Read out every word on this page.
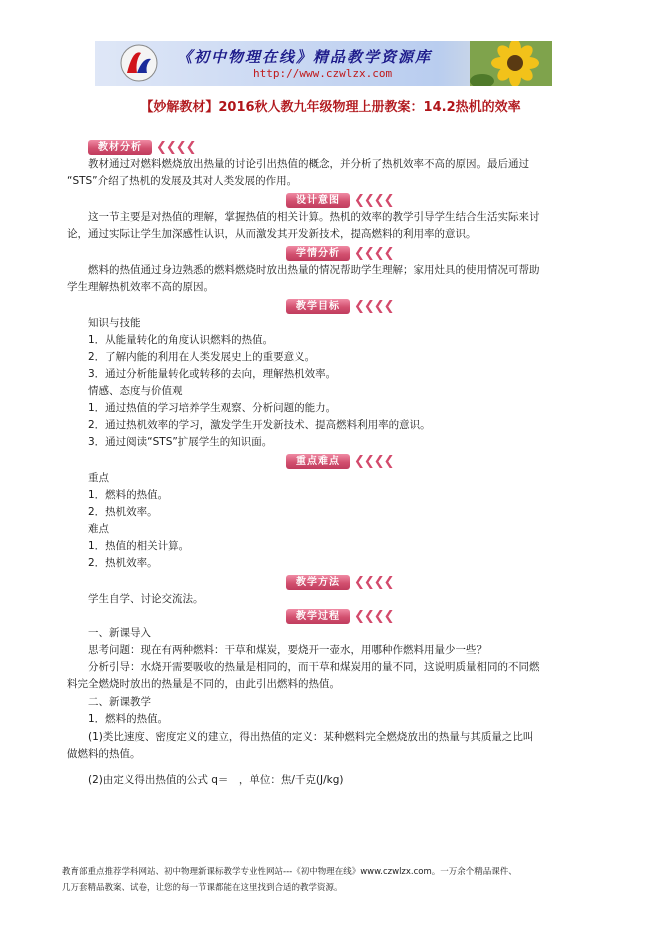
《初中物理在线》精品教学资源库
http://www.czwlzx.com
【妙解教材】2016秋人教九年级物理上册教案：14.2热机的效率
教材分析	❮❮❮❮
教材通过对燃料燃烧放出热量的讨论引出热值的概念，并分析了热机效率不高的原因。最后通过
“STS”介绍了热机的发展及其对人类发展的作用。
设计意图	❮❮❮❮
这一节主要是对热值的理解，掌握热值的相关计算。热机的效率的教学引导学生结合生活实际来讨
论，通过实际让学生加深感性认识，从而激发其开发新技术，提高燃料的利用率的意识。
学情分析	❮❮❮❮
燃料的热值通过身边熟悉的燃料燃烧时放出热量的情况帮助学生理解；家用灶具的使用情况可帮助
学生理解热机效率不高的原因。
教学目标	❮❮❮❮
知识与技能
1．从能量转化的角度认识燃料的热值。
2．了解内能的利用在人类发展史上的重要意义。
3．通过分析能量转化或转移的去向，理解热机效率。
情感、态度与价值观
1．通过热值的学习培养学生观察、分析问题的能力。
2．通过热机效率的学习，激发学生开发新技术、提高燃料利用率的意识。
3．通过阅读“STS”扩展学生的知识面。
重点难点	❮❮❮❮
重点
1．燃料的热值。
2．热机效率。
难点
1．热值的相关计算。
2．热机效率。
教学方法	❮❮❮❮
学生自学、讨论交流法。
教学过程	❮❮❮❮
一、新课导入
思考问题：现在有两种燃料：干草和煤炭，要烧开一壶水，用哪种作燃料用量少一些？
分析引导：水烧开需要吸收的热量是相同的，而干草和煤炭用的量不同，这说明质量相同的不同燃
料完全燃烧时放出的热量是不同的，由此引出燃料的热值。
二、新课教学
1．燃料的热值。
(1)类比速度、密度定义的建立，得出热值的定义：某种燃料完全燃烧放出的热量与其质量之比叫
做燃料的热值。
(2)由定义得出热值的公式 q＝　，单位：焦/千克(J/kg)
教育部重点推荐学科网站、初中物理新课标教学专业性网站---《初中物理在线》www.czwlzx.com。一万余个精品课件、
几万套精品教案、试卷，让您的每一节课都能在这里找到合适的教学资源。
